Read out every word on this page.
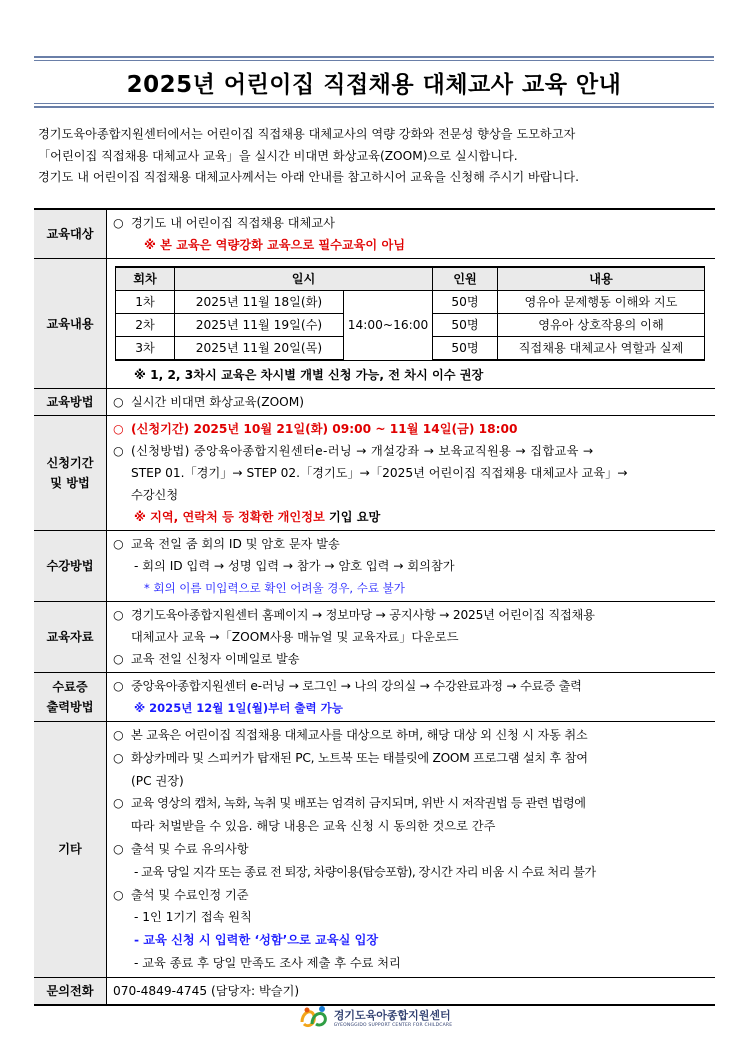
2025년 어린이집 직접채용 대체교사 교육 안내
경기도육아종합지원센터에서는 어린이집 직접채용 대체교사의 역량 강화와 전문성 향상을 도모하고자
「어린이집 직접채용 대체교사 교육」을 실시간 비대면 화상교육(ZOOM)으로 실시합니다.
경기도 내 어린이집 직접채용 대체교사께서는 아래 안내를 참고하시어 교육을 신청해 주시기 바랍니다.
교육대상	
○ 경기도 내 어린이집 직접채용 대체교사
※ 본 교육은 역량강화 교육으로 필수교육이 아님

교육내용	
회차	일시	인원	내용
1차	2025년 11월 18일(화)	14:00~16:00	50명	영유아 문제행동 이해와 지도
2차	2025년 11월 19일(수)	50명	영유아 상호작용의 이해
3차	2025년 11월 20일(목)	50명	직접채용 대체교사 역할과 실제
※ 1, 2, 3차시 교육은 차시별 개별 신청 가능, 전 차시 이수 권장

교육방법	○ 실시간 비대면 화상교육(ZOOM)

신청기간
및 방법

○ (신청기간) 2025년 10월 21일(화) 09:00 ~ 11월 14일(금) 18:00
○ (신청방법) 중앙육아종합지원센터e-러닝 → 개설강좌 → 보육교직원용 → 집합교육 →
STEP 01.「경기」→ STEP 02.「경기도」→「2025년 어린이집 직접채용 대체교사 교육」→
수강신청
※ 지역, 연락처 등 정확한 개인정보 기입 요망

수강방법	
○ 교육 전일 줌 회의 ID 및 암호 문자 발송
- 회의 ID 입력 → 성명 입력 → 참가 → 암호 입력 → 회의참가
* 회의 이름 미입력으로 확인 어려울 경우, 수료 불가

교육자료	
○ 경기도육아종합지원센터 홈페이지 → 정보마당 → 공지사항 → 2025년 어린이집 직접채용
대체교사 교육 →「ZOOM사용 매뉴얼 및 교육자료」다운로드
○ 교육 전일 신청자 이메일로 발송

수료증
출력방법

○ 중앙육아종합지원센터 e-러닝 → 로그인 → 나의 강의실 → 수강완료과정 → 수료증 출력
※ 2025년 12월 1일(월)부터 출력 가능

기타	
○ 본 교육은 어린이집 직접채용 대체교사를 대상으로 하며, 해당 대상 외 신청 시 자동 취소
○ 화상카메라 및 스피커가 탑재된 PC, 노트북 또는 태블릿에 ZOOM 프로그램 설치 후 참여
(PC 권장)
○ 교육 영상의 캡처, 녹화, 녹취 및 배포는 엄격히 금지되며, 위반 시 저작권법 등 관련 법령에
따라 처벌받을 수 있음. 해당 내용은 교육 신청 시 동의한 것으로 간주
○ 출석 및 수료 유의사항
- 교육 당일 지각 또는 종료 전 퇴장, 차량이용(탑승포함), 장시간 자리 비움 시 수료 처리 불가
○ 출석 및 수료인정 기준
- 1인 1기기 접속 원칙
- 교육 신청 시 입력한 ‘성함’으로 교육실 입장
- 교육 종료 후 당일 만족도 조사 제출 후 수료 처리

문의전화	070-4849-4745 (담당자: 박슬기)
경기도육아종합지원센터
GYEONGGIDO SUPPORT CENTER FOR CHILDCARE
